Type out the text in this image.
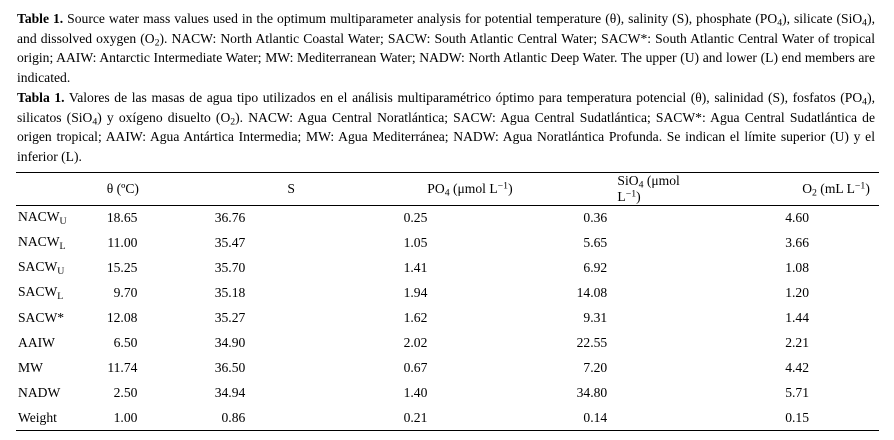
Table 1. Source water mass values used in the optimum multiparameter analysis for potential temperature (θ), salinity (S), phosphate $(PO_4)$, silicate (SiO$_4$), and dissolved oxygen $(O_2)$. NACW: North Atlantic Coastal Water; SACW: South Atlantic Central Water; SACW*: South Atlantic Central Water of tropical origin; AAIW: Antarctic Intermediate Water; MW: Mediterranean Water; NADW: North Atlantic Deep Water. The upper (U) and lower (L) end members are indicated.
Tabla 1. Valores de las masas de agua tipo utilizados en el análisis multiparamétrico óptimo para temperatura potencial (θ), salinidad (S), fosfatos $(PO_4)$, silicatos (SiO$_4$) y oxígeno disuelto $(O_2)$. NACW: Agua Central Noratlántica; SACW: Agua Central Sudatlántica; SACW*: Agua Central Sudatlántica de origen tropical; AAIW: Agua Antártica Intermedia; MW: Agua Mediterránea; NADW: Agua Noratlántica Profunda. Se indican el límite superior (U) y el inferior (L).
	θ (ºC)	S	$PO_4$ (μmol $L^{-1}$)	SiO$_4$ (μmol $L^{-1}$)	$O_2$ (mL $L^{-1}$)
$NACW_U$	18.65	36.76	0.25	0.36	4.60
$NACW_L$	11.00	35.47	1.05	5.65	3.66
$SACW_U$	15.25	35.70	1.41	6.92	1.08
$SACW_L$	9.70	35.18	1.94	14.08	1.20
SACW*	12.08	35.27	1.62	9.31	1.44
AAIW	6.50	34.90	2.02	22.55	2.21
MW	11.74	36.50	0.67	7.20	4.42
NADW	2.50	34.94	1.40	34.80	5.71
Weight	1.00	0.86	0.21	0.14	0.15
